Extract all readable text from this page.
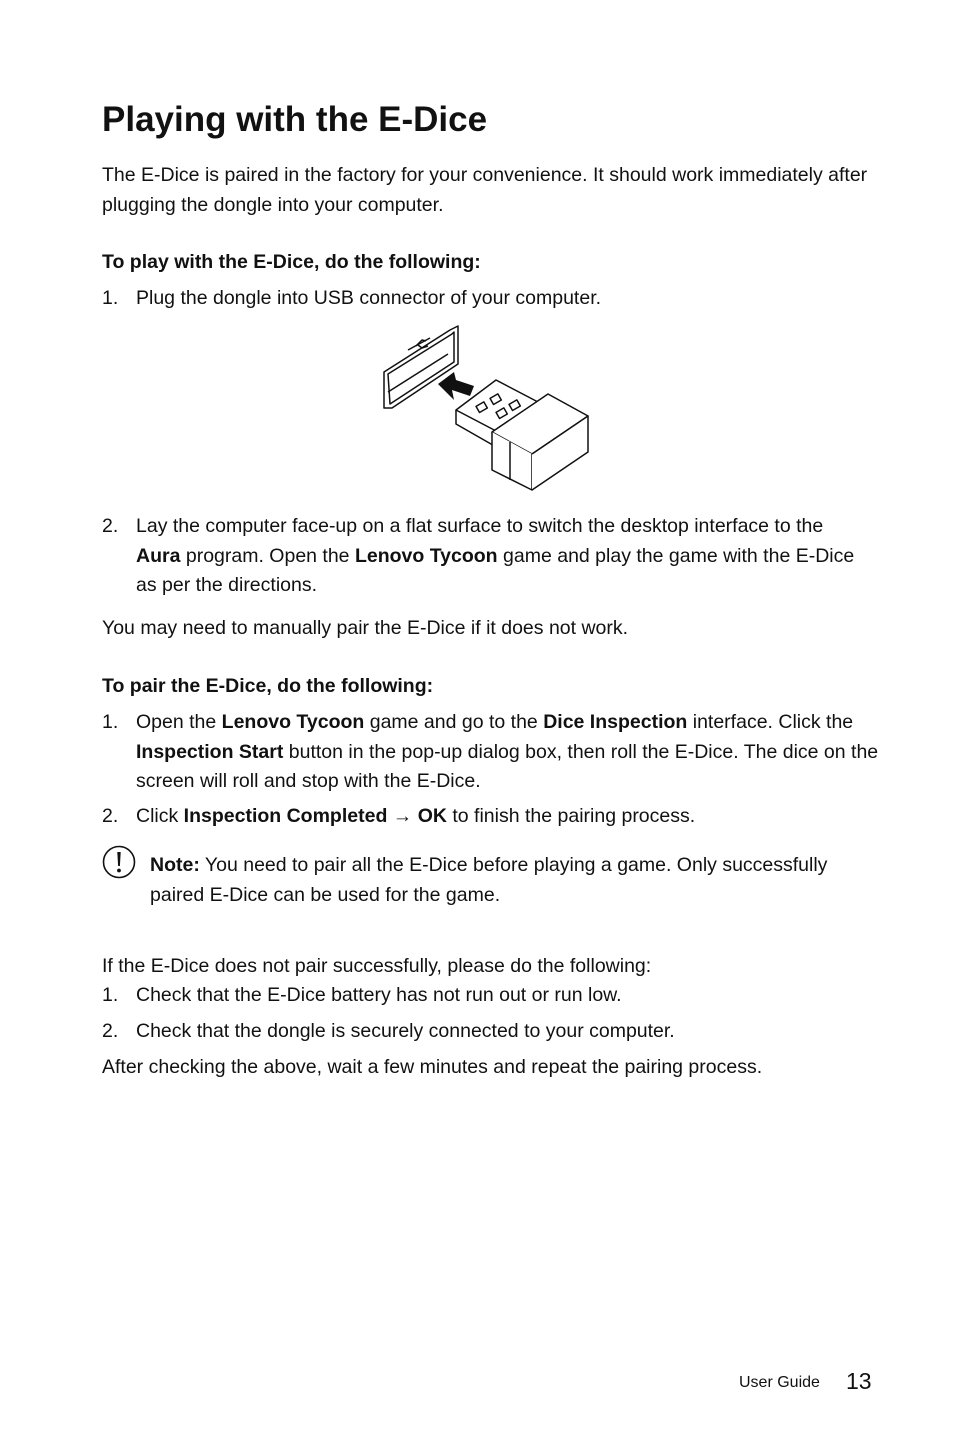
Playing with the E-Dice
The E-Dice is paired in the factory for your convenience. It should work immediately after plugging the dongle into your computer.
To play with the E-Dice, do the following:
1. Plug the dongle into USB connector of your computer.
2. Lay the computer face-up on a flat surface to switch the desktop interface to the Aura program. Open the Lenovo Tycoon game and play the game with the E-Dice as per the directions.
You may need to manually pair the E-Dice if it does not work.
To pair the E-Dice, do the following:
1. Open the Lenovo Tycoon game and go to the Dice Inspection interface. Click the Inspection Start button in the pop-up dialog box, then roll the E-Dice. The dice on the screen will roll and stop with the E-Dice.
2. Click Inspection Completed → OK to finish the pairing process.
Note: You need to pair all the E-Dice before playing a game. Only successfully paired E-Dice can be used for the game.
If the E-Dice does not pair successfully, please do the following:
1. Check that the E-Dice battery has not run out or run low.
2. Check that the dongle is securely connected to your computer.
After checking the above, wait a few minutes and repeat the pairing process.
User Guide 13
